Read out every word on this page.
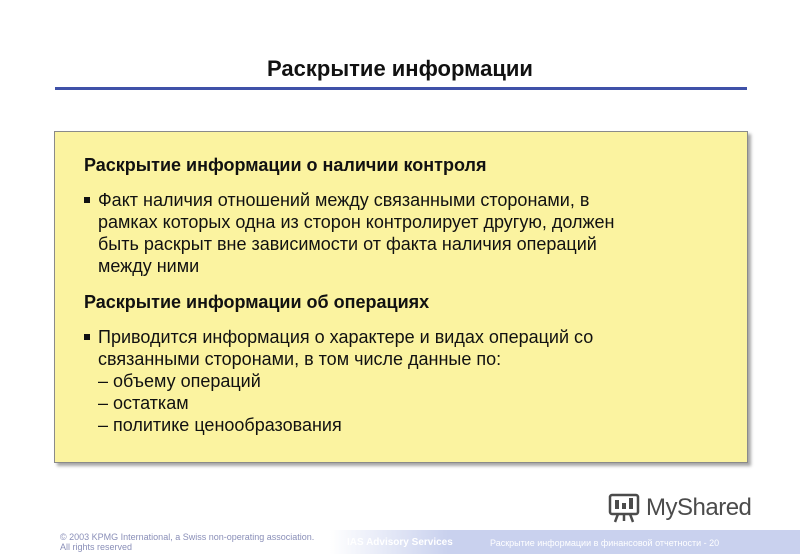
Раскрытие информации
Раскрытие информации о наличии контроля
Факт наличия отношений между связанными сторонами, в
рамках которых одна из сторон контролирует другую, должен
быть раскрыт вне зависимости от факта наличия операций
между ними
Раскрытие информации об операциях
Приводится информация о характере и видах операций со
связанными сторонами, в том числе данные по:
– объему операций
– остаткам
– политике ценообразования
MyShared
© 2003 KPMG International, a Swiss non-operating association.
All rights reserved	IAS Advisory Services	Раскрытие информации в финансовой отчетности - 20
